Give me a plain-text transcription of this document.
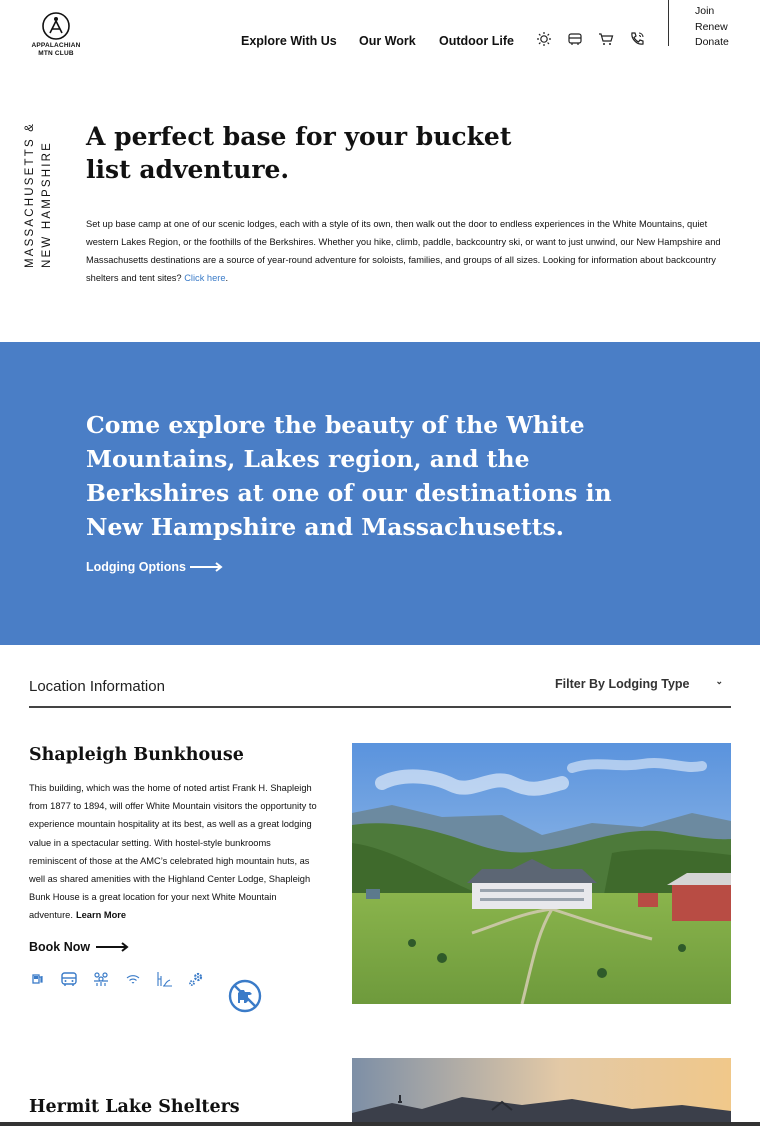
APPALACHIAN
MTN CLUB
Explore With Us Our Work Outdoor Life
Join
Renew
Donate
MASSACHUSETTS & NEW HAMPSHIRE
A perfect base for your bucket list adventure.

Set up base camp at one of our scenic lodges, each with a style of its own, then walk out the door to endless experiences in the White Mountains, quiet western Lakes Region, or the foothills of the Berkshires. Whether you hike, climb, paddle, backcountry ski, or want to just unwind, our New Hampshire and Massachusetts destinations are a source of year-round adventure for soloists, families, and groups of all sizes. Looking for information about backcountry shelters and tent sites? Click here.

Come explore the beauty of the White Mountains, Lakes region, and the Berkshires at one of our destinations in New Hampshire and Massachusetts.
Lodging Options
Location Information	Filter By Lodging Type	⌄
Shapleigh Bunkhouse

This building, which was the home of noted artist Frank H. Shapleigh from 1877 to 1894, will offer White Mountain visitors the opportunity to experience mountain hospitality at its best, as well as a great lodging value in a spectacular setting. With hostel-style bunkrooms reminiscent of those at the AMC’s celebrated high mountain huts, as well as shared amenities with the Highland Center Lodge, Shapleigh Bunk House is a great location for your next White Mountain adventure. Learn More

Book Now
Hermit Lake Shelters
